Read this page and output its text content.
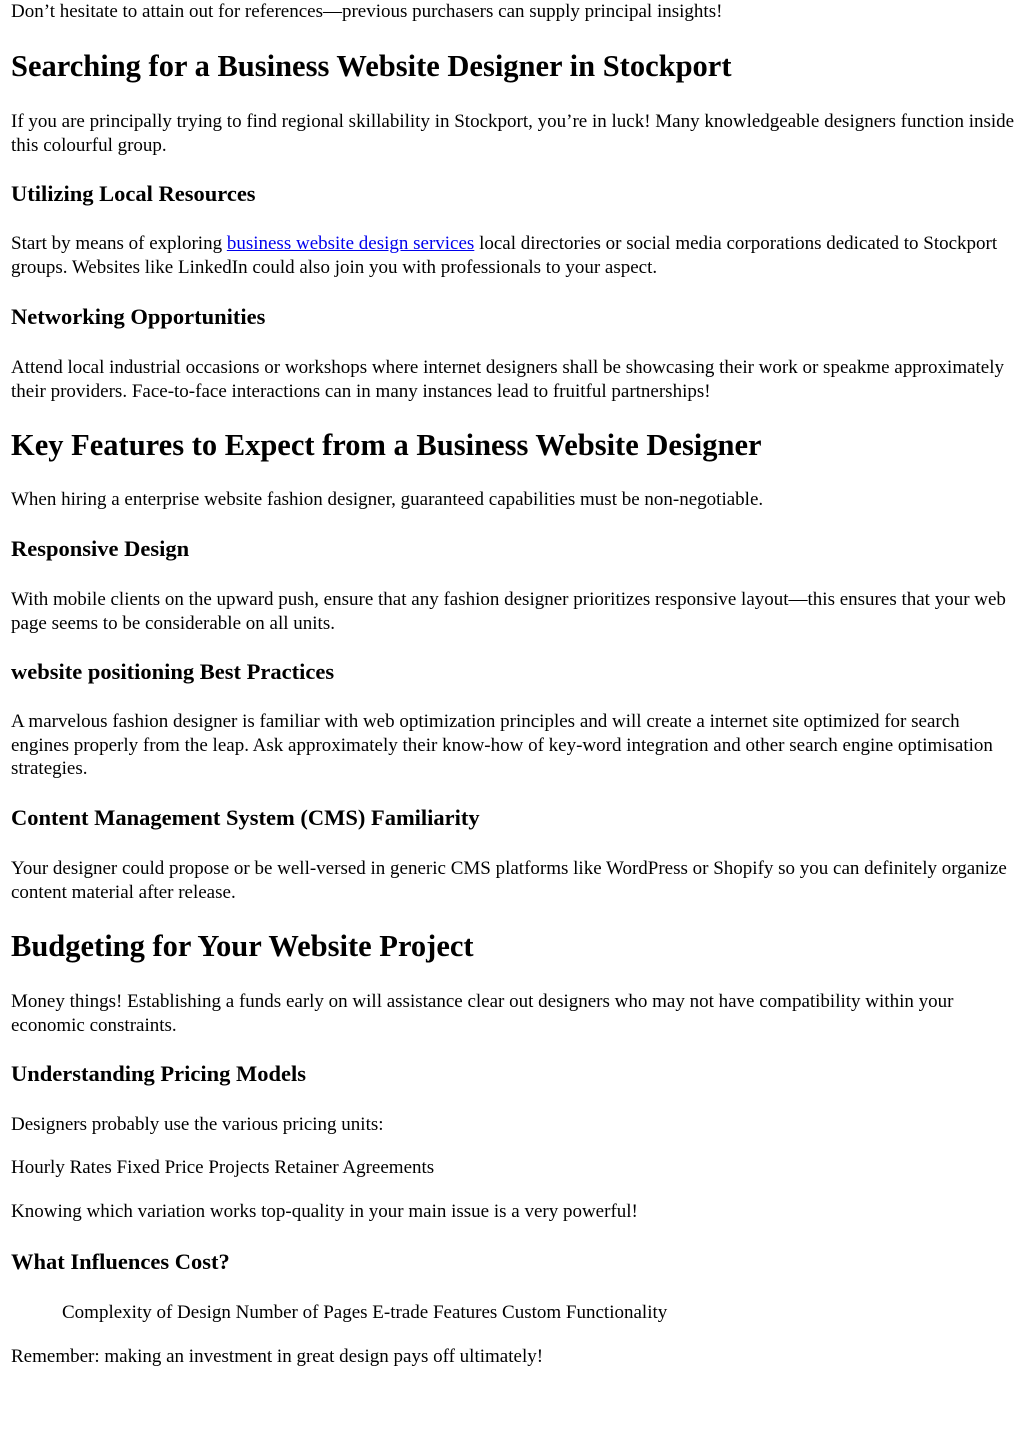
Don’t hesitate to attain out for references—previous purchasers can supply principal insights!

Searching for a Business Website Designer in Stockport

If you are principally trying to find regional skillability in Stockport, you’re in luck! Many knowledgeable designers function inside this colourful group.

Utilizing Local Resources

Start by means of exploring business website design services local directories or social media corporations dedicated to Stockport groups. Websites like LinkedIn could also join you with professionals to your aspect.

Networking Opportunities

Attend local industrial occasions or workshops where internet designers shall be showcasing their work or speakme approximately their providers. Face-to-face interactions can in many instances lead to fruitful partnerships!

Key Features to Expect from a Business Website Designer

When hiring a enterprise website fashion designer, guaranteed capabilities must be non-negotiable.

Responsive Design

With mobile clients on the upward push, ensure that any fashion designer prioritizes responsive layout—this ensures that your web page seems to be considerable on all units.

website positioning Best Practices

A marvelous fashion designer is familiar with web optimization principles and will create a internet site optimized for search engines properly from the leap. Ask approximately their know-how of key-word integration and other search engine optimisation strategies.

Content Management System (CMS) Familiarity

Your designer could propose or be well-versed in generic CMS platforms like WordPress or Shopify so you can definitely organize content material after release.

Budgeting for Your Website Project

Money things! Establishing a funds early on will assistance clear out designers who may not have compatibility within your economic constraints.

Understanding Pricing Models

Designers probably use the various pricing units:

Hourly Rates Fixed Price Projects Retainer Agreements

Knowing which variation works top-quality in your main issue is a very powerful!

What Influences Cost?

Complexity of Design Number of Pages E-trade Features Custom Functionality

Remember: making an investment in great design pays off ultimately!
